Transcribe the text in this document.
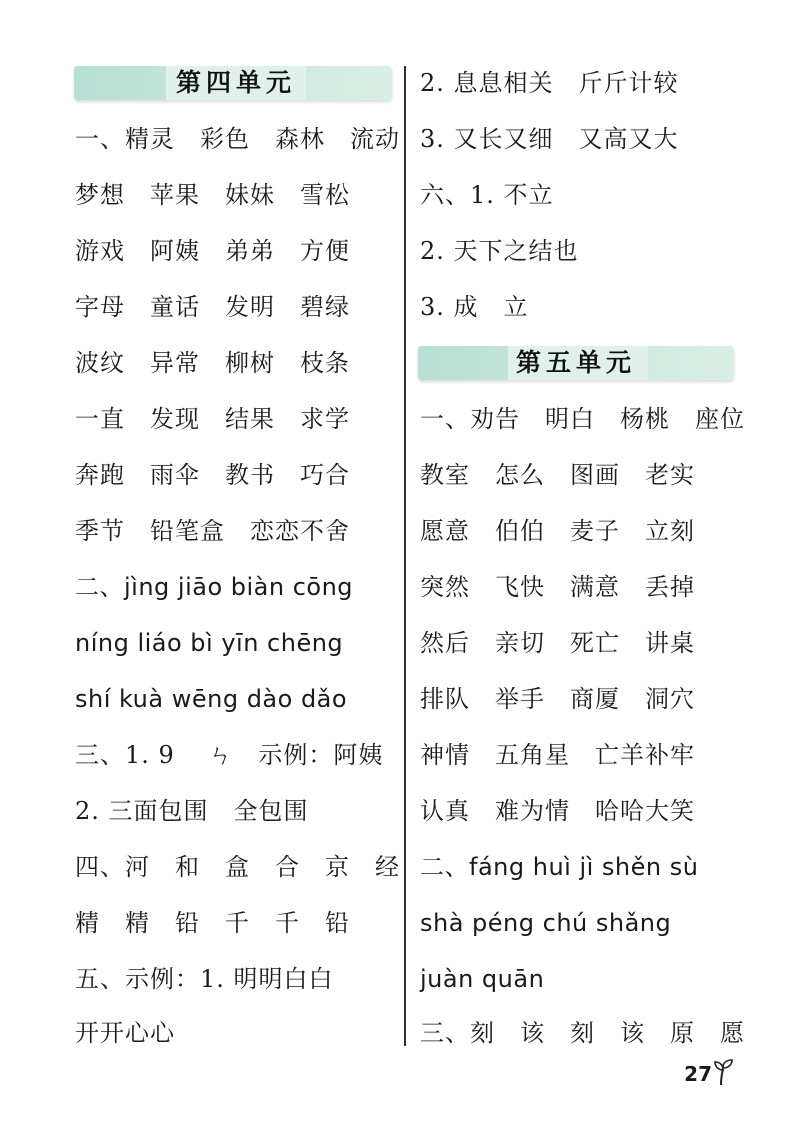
第四单元
一、精灵　彩色　森林　流动
梦想　苹果　妹妹　雪松
游戏　阿姨　弟弟　方便
字母　童话　发明　碧绿
波纹　异常　柳树　枝条
一直　发现　结果　求学
奔跑　雨伞　教书　巧合
季节　铅笔盒　恋恋不舍
二、jìng jiāo biàn cōng
níng liáo bì yīn chēng
shí kuà wēng dào dǎo
三、1. 9　 ㄣ　示例：阿姨
2. 三面包围　全包围
四、河　和　盒　合　京　经
精　精　铅　千　千　铅
五、示例：1. 明明白白
开开心心
2. 息息相关　斤斤计较
3. 又长又细　又高又大
六、1. 不立
2. 天下之结也
3. 成　立
第五单元
一、劝告　明白　杨桃　座位
教室　怎么　图画　老实
愿意　伯伯　麦子　立刻
突然　飞快　满意　丢掉
然后　亲切　死亡　讲桌
排队　举手　商厦　洞穴
神情　五角星　亡羊补牢
认真　难为情　哈哈大笑
二、fáng huì jì shěn sù
shà péng chú shǎng
juàn quān
三、刻　该　刻　该　原　愿
27
